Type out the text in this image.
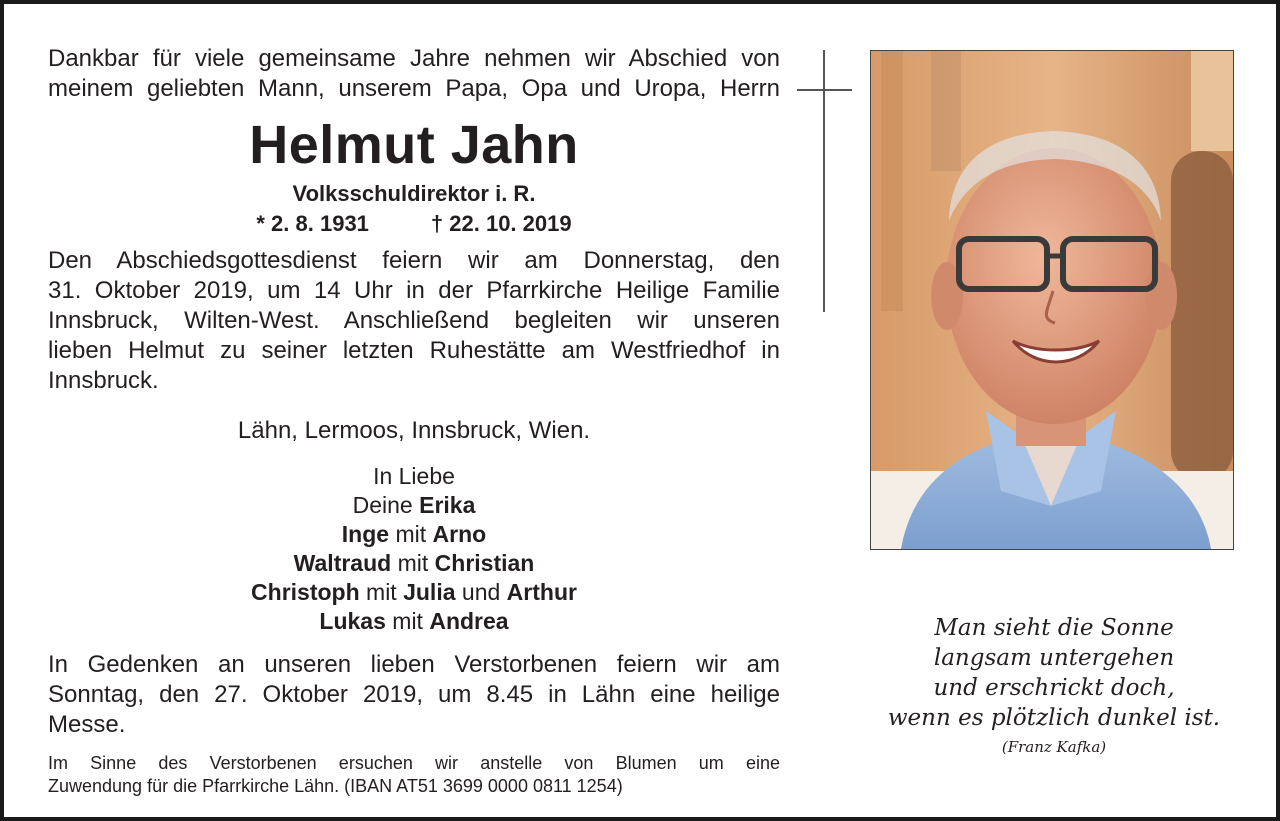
Dankbar für viele gemeinsame Jahre nehmen wir Abschied von

meinem geliebten Mann, unserem Papa, Opa und Uropa, Herrn

Helmut Jahn
Volksschuldirektor i. R.
* 2. 8. 1931	† 22. 10. 2019

Den Abschiedsgottesdienst feiern wir am Donnerstag, den

31. Oktober 2019, um 14 Uhr in der Pfarrkirche Heilige Familie

Innsbruck, Wilten-West. Anschließend begleiten wir unseren

lieben Helmut zu seiner letzten Ruhestätte am Westfriedhof in

Innsbruck.

Lähn, Lermoos, Innsbruck, Wien.
In Liebe
Deine Erika
Inge mit Arno
Waltraud mit Christian
Christoph mit Julia und Arthur
Lukas mit Andrea

In Gedenken an unseren lieben Verstorbenen feiern wir am

Sonntag, den 27. Oktober 2019, um 8.45 in Lähn eine heilige

Messe.

Im Sinne des Verstorbenen ersuchen wir anstelle von Blumen um eine
Zuwendung für die Pfarrkirche Lähn. (IBAN AT51 3699 0000 0811 1254)
Man sieht die Sonne
langsam untergehen
und erschrickt doch,
wenn es plötzlich dunkel ist.
(Franz Kafka)
